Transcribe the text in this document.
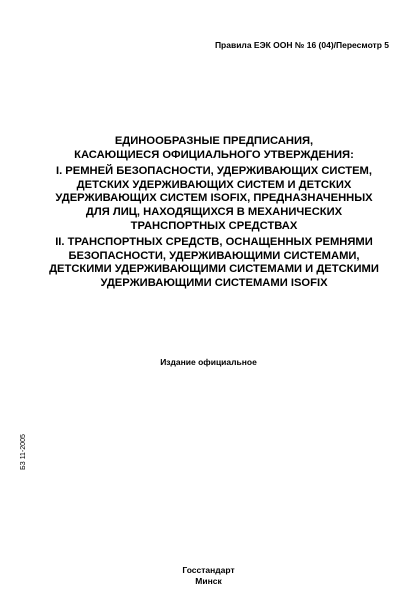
Правила ЕЭК ООН № 16 (04)/Пересмотр 5
ЕДИНООБРАЗНЫЕ ПРЕДПИСАНИЯ,
КАСАЮЩИЕСЯ ОФИЦИАЛЬНОГО УТВЕРЖДЕНИЯ:
I. РЕМНЕЙ БЕЗОПАСНОСТИ, УДЕРЖИВАЮЩИХ СИСТЕМ,
ДЕТСКИХ УДЕРЖИВАЮЩИХ СИСТЕМ И ДЕТСКИХ
УДЕРЖИВАЮЩИХ СИСТЕМ ISOFIX, ПРЕДНАЗНАЧЕННЫХ
ДЛЯ ЛИЦ, НАХОДЯЩИХСЯ В МЕХАНИЧЕСКИХ
ТРАНСПОРТНЫХ СРЕДСТВАХ
II. ТРАНСПОРТНЫХ СРЕДСТВ, ОСНАЩЕННЫХ РЕМНЯМИ
БЕЗОПАСНОСТИ, УДЕРЖИВАЮЩИМИ СИСТЕМАМИ,
ДЕТСКИМИ УДЕРЖИВАЮЩИМИ СИСТЕМАМИ И ДЕТСКИМИ
УДЕРЖИВАЮЩИМИ СИСТЕМАМИ ISOFIX
Издание официальное
БЗ 11-2005
Госстандарт
Минск
